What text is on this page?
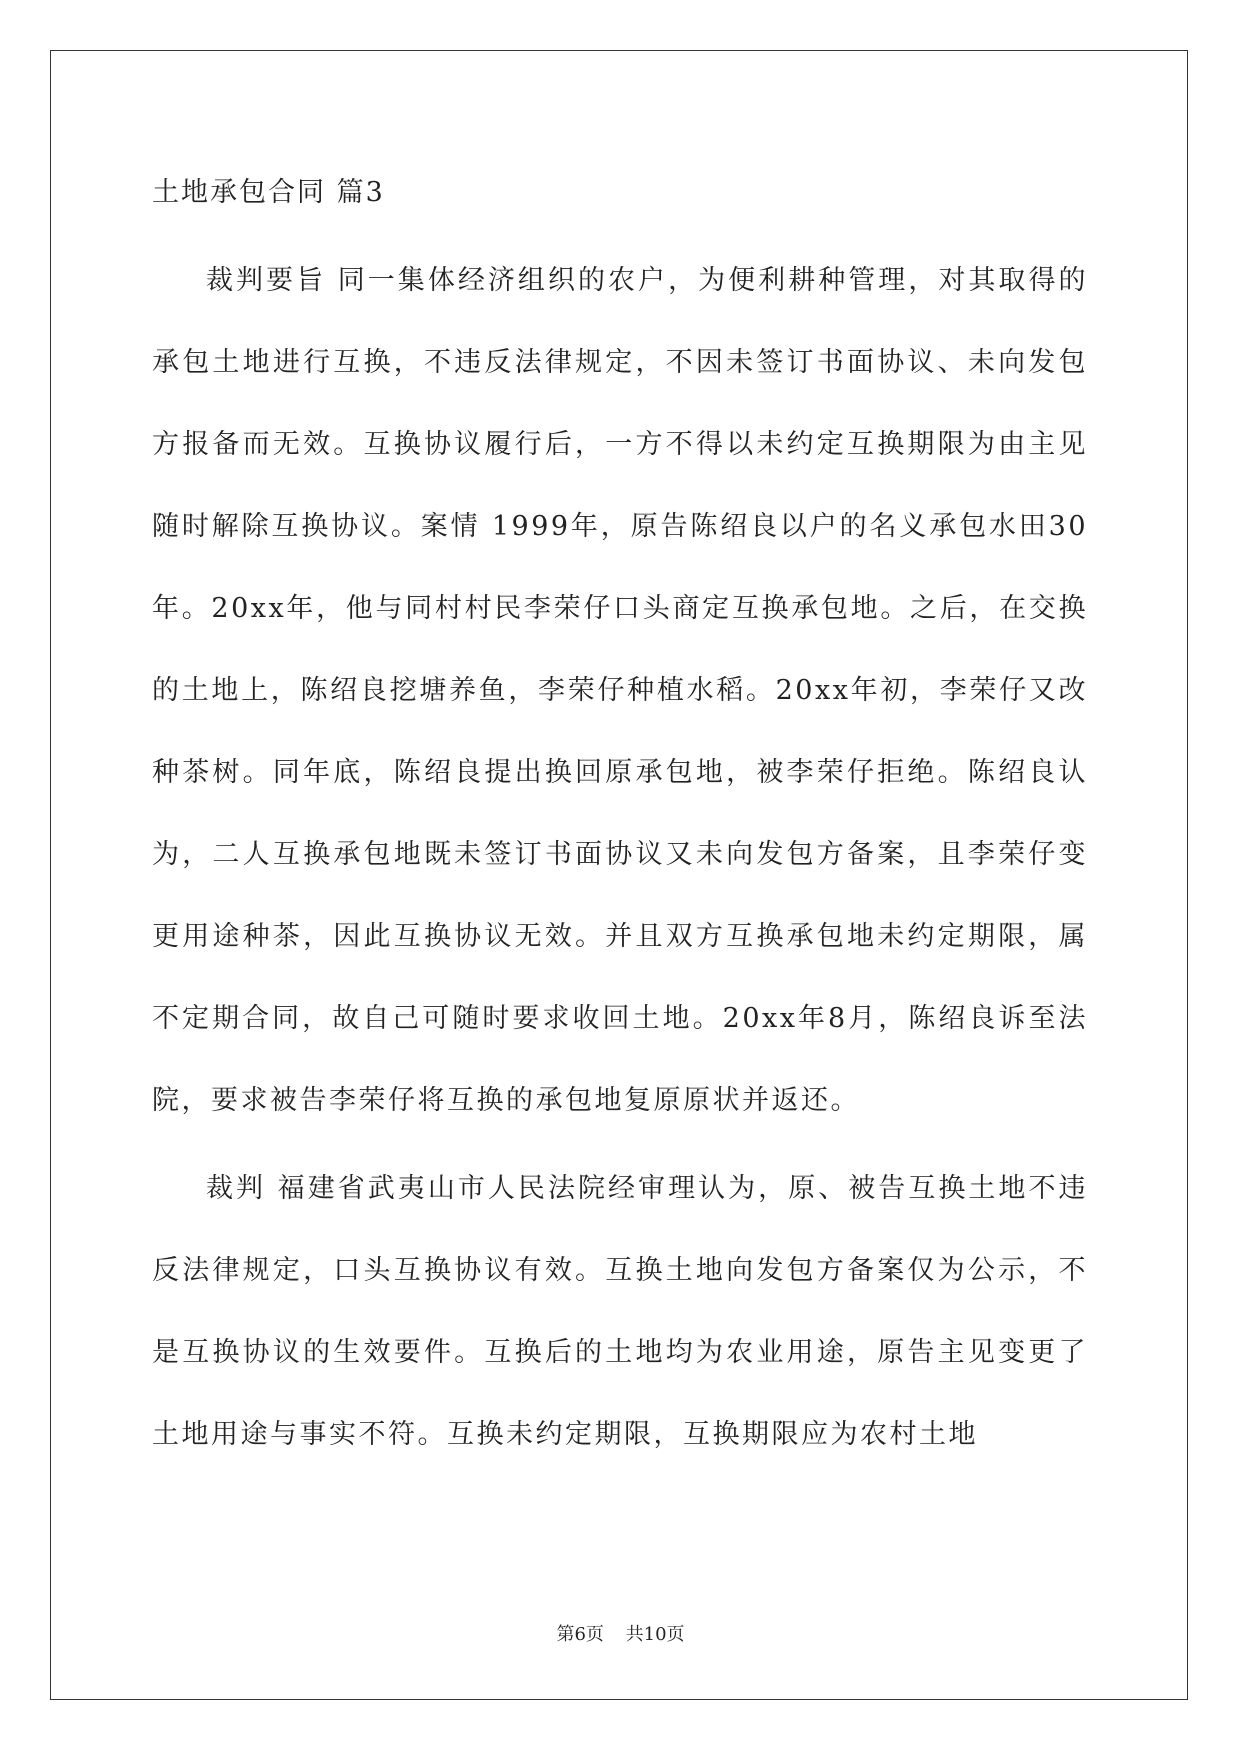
土地承包合同 篇3

裁判要旨 同一集体经济组织的农户，为便利耕种管理，对其取得的承包土地进行互换，不违反法律规定，不因未签订书面协议、未向发包方报备而无效。互换协议履行后，一方不得以未约定互换期限为由主见随时解除互换协议。案情 1999年，原告陈绍良以户的名义承包水田30年。20xx年，他与同村村民李荣仔口头商定互换承包地。之后，在交换的土地上，陈绍良挖塘养鱼，李荣仔种植水稻。20xx年初，李荣仔又改种茶树。同年底，陈绍良提出换回原承包地，被李荣仔拒绝。陈绍良认为，二人互换承包地既未签订书面协议又未向发包方备案，且李荣仔变更用途种茶，因此互换协议无效。并且双方互换承包地未约定期限，属不定期合同，故自己可随时要求收回土地。20xx年8月，陈绍良诉至法院，要求被告李荣仔将互换的承包地复原原状并返还。

裁判 福建省武夷山市人民法院经审理认为，原、被告互换土地不违反法律规定，口头互换协议有效。互换土地向发包方备案仅为公示，不是互换协议的生效要件。互换后的土地均为农业用途，原告主见变更了土地用途与事实不符。互换未约定期限，互换期限应为农村土地

第6页 共10页
